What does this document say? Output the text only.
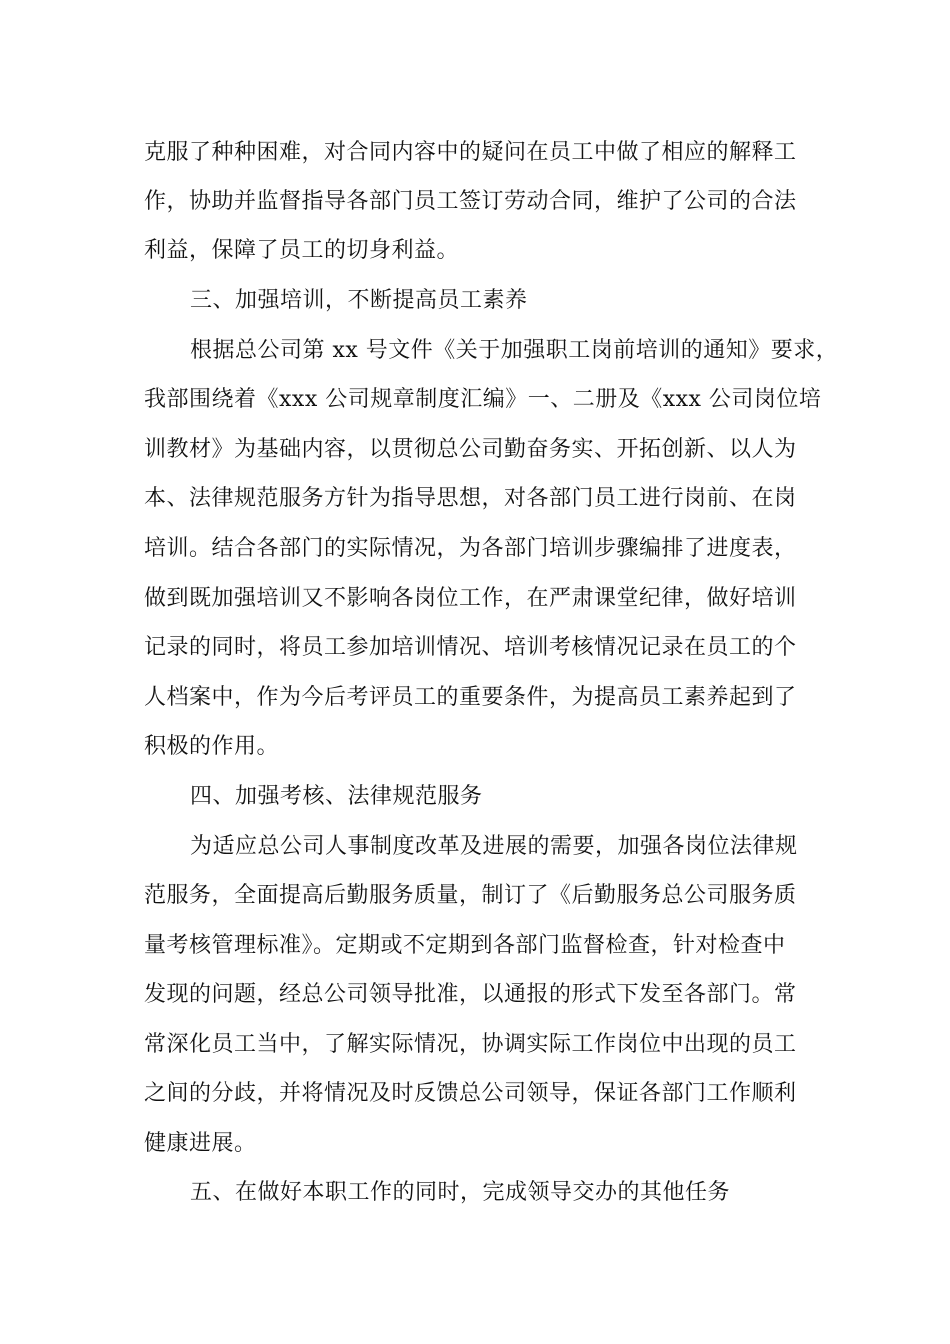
克服了种种困难，对合同内容中的疑问在员工中做了相应的解释工
作，协助并监督指导各部门员工签订劳动合同，维护了公司的合法
利益，保障了员工的切身利益。
三、加强培训，不断提高员工素养
根据总公司第 xx 号文件《关于加强职工岗前培训的通知》要求，
我部围绕着《xxx 公司规章制度汇编》一、二册及《xxx 公司岗位培
训教材》为基础内容，以贯彻总公司勤奋务实、开拓创新、以人为
本、法律规范服务方针为指导思想，对各部门员工进行岗前、在岗
培训。结合各部门的实际情况，为各部门培训步骤编排了进度表，
做到既加强培训又不影响各岗位工作，在严肃课堂纪律，做好培训
记录的同时，将员工参加培训情况、培训考核情况记录在员工的个
人档案中，作为今后考评员工的重要条件，为提高员工素养起到了
积极的作用。
四、加强考核、法律规范服务
为适应总公司人事制度改革及进展的需要，加强各岗位法律规
范服务，全面提高后勤服务质量，制订了《后勤服务总公司服务质
量考核管理标准》。定期或不定期到各部门监督检查，针对检查中
发现的问题，经总公司领导批准，以通报的形式下发至各部门。常
常深化员工当中，了解实际情况，协调实际工作岗位中出现的员工
之间的分歧，并将情况及时反馈总公司领导，保证各部门工作顺利
健康进展。
五、在做好本职工作的同时，完成领导交办的其他任务
